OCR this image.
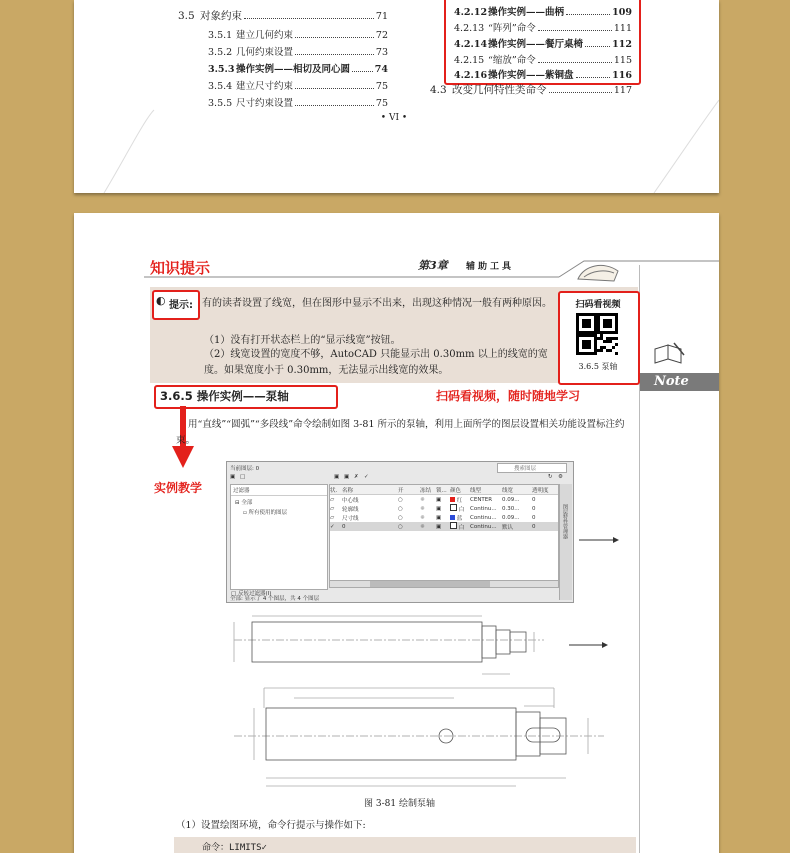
3.5 对象约束	71
3.5.1 建立几何约束	72
3.5.2 几何约束设置	73
3.5.3 操作实例——相切及同心圆	74
3.5.4 建立尺寸约束	75
3.5.5 尺寸约束设置	75
4.2.12 操作实例——曲柄	109
4.2.13 “阵列”命令	111
4.2.14 操作实例——餐厅桌椅	112
4.2.15 “缩放”命令	115
4.2.16 操作实例——紫铜盘	116
4.3 改变几何特性类命令	117
• VI •
知识提示	第3章 辅助工具
Note
◐ 提示: 有的读者设置了线宽，但在图形中显示不出来，出现这种情况一般有两种原因。
（1）没有打开状态栏上的“显示线宽”按钮。
（2）线宽设置的宽度不够，AutoCAD 只能显示出 0.30mm 以上的线宽的宽度。如果宽度小于 0.30mm，无法显示出线宽的效果。
扫码看视频
3.6.5 泵轴
3.6.5 操作实例——泵轴	扫码看视频，随时随地学习
实例教学
用“直线”“圆弧”“多段线”命令绘制如图 3-81 所示的泵轴，利用上面所学的图层设置相关功能设置标注约束。
当前图层: 0	搜索图层
▣ □	▣ ▣ ✗ ✓	↻ ⚙
过滤器
⊟ 全部
▫ 所有使用的图层
□ 反转过滤器(I)
状. 名称	开	冻结 锁... 颜色	线型	线宽	透明度
▱	中心线	○	☼	▣	红	CENTER	0.09...	0
▱	轮廓线	○	☼	▣	白	Continu... 0.30...	0
▱	尺寸线	○	☼	▣	蓝	Continu... 0.09...	0
✓	0	○	☼	▣	白	Continu... 默认	0
全部: 显示了 4 个图层，共 4 个图层
图层特性管理器
图 3-81 绘制泵轴
（1）设置绘图环境，命令行提示与操作如下:
命令：LIMITS✓
